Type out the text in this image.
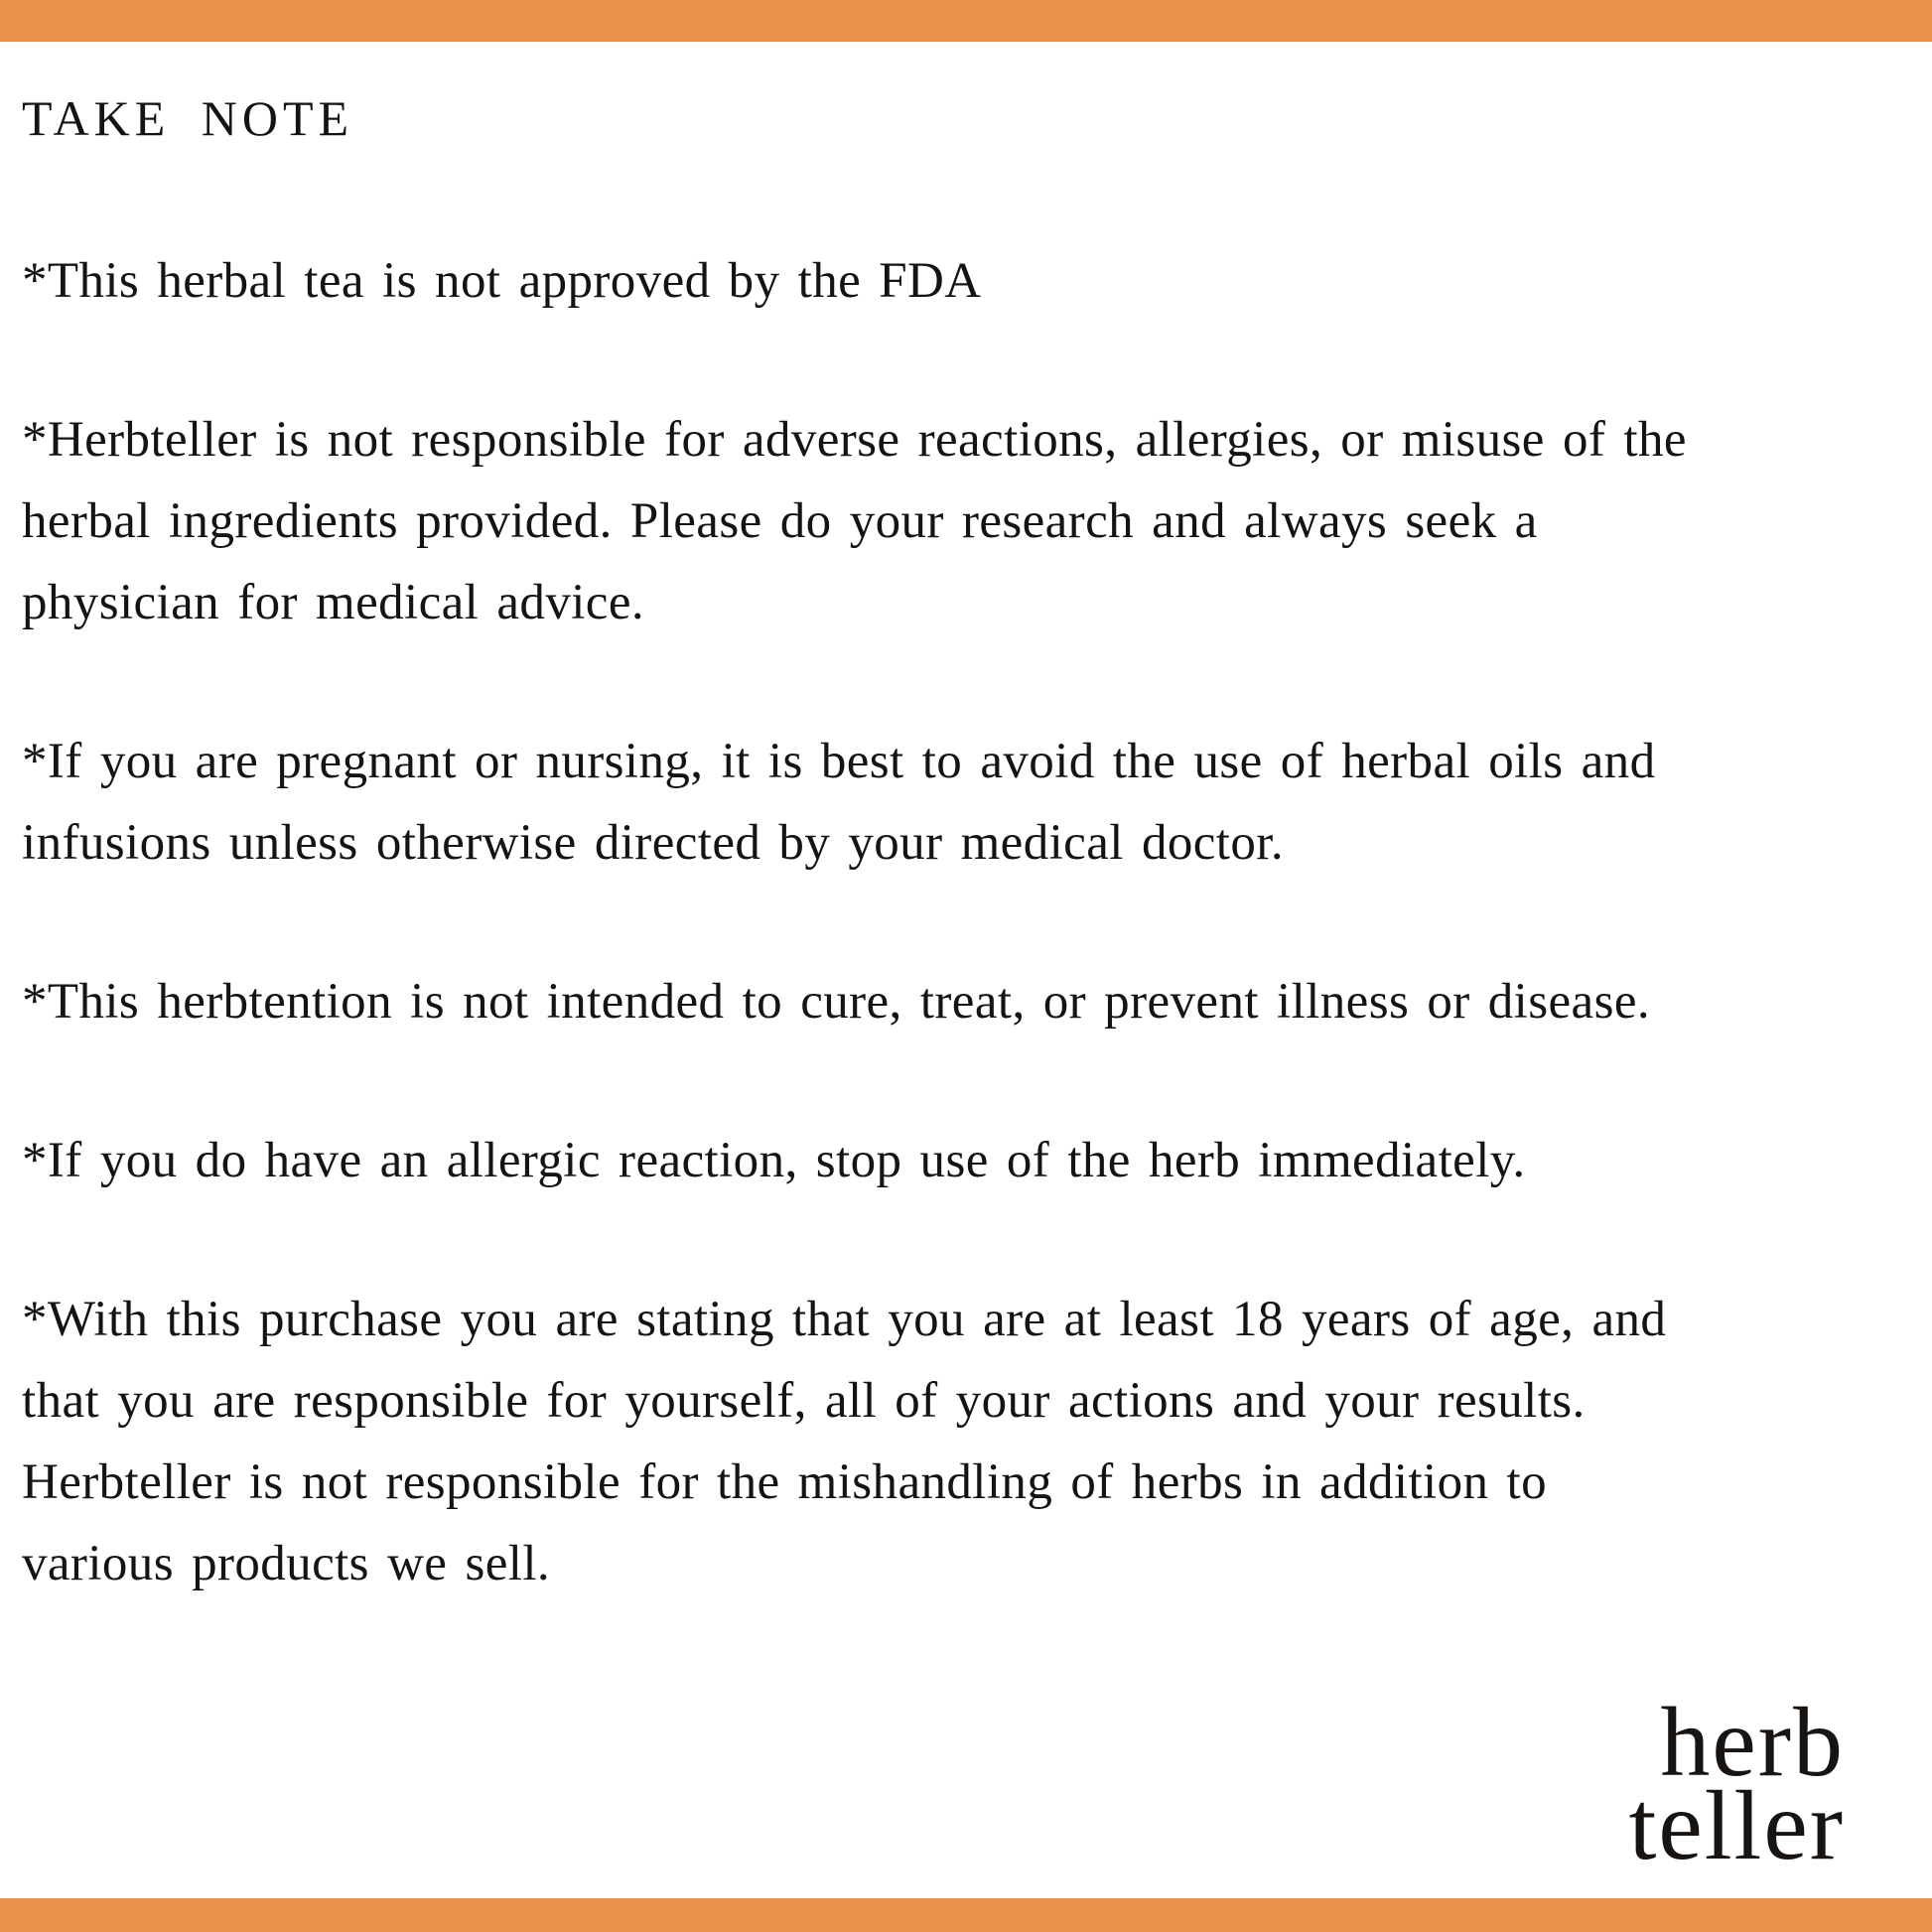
TAKE NOTE
*This herbal tea is not approved by the FDA
*Herbteller is not responsible for adverse reactions, allergies, or misuse of the
herbal ingredients provided. Please do your research and always seek a
physician for medical advice.
*If you are pregnant or nursing, it is best to avoid the use of herbal oils and
infusions unless otherwise directed by your medical doctor.
*This herbtention is not intended to cure, treat, or prevent illness or disease.
*If you do have an allergic reaction, stop use of the herb immediately.
*With this purchase you are stating that you are at least 18 years of age, and
that you are responsible for yourself, all of your actions and your results.
Herbteller is not responsible for the mishandling of herbs in addition to
various products we sell.
herb
teller
